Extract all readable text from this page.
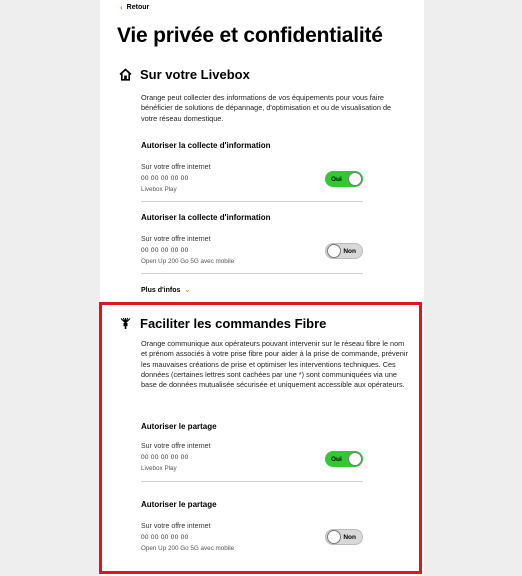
‹ Retour
Vie privée et confidentialité
Sur votre Livebox
Orange peut collecter des informations de vos équipements pour vous faire bénéficier de solutions de dépannage, d'optimisation et ou de visualisation de votre réseau domestique.
Autoriser la collecte d'information
Sur votre offre internet
00 00 00 00 00
Livebox Play
Oui
Autoriser la collecte d'information
Sur votre offre internet
00 00 00 00 00
Open Up 200 Go 5G avec mobile
Non
Plus d'infos ⌄
Faciliter les commandes Fibre
Orange communique aux opérateurs pouvant intervenir sur le réseau fibre le nom et prénom associés à votre prise fibre pour aider à la prise de commande, prévenir les mauvaises créations de prise et optimiser les interventions techniques. Ces données (certaines lettres sont cachées par une *) sont communiquées via une base de données mutualisée sécurisée et uniquement accessible aux opérateurs.
Autoriser le partage
Sur votre offre internet
00 00 00 00 00
Livebox Play
Oui
Autoriser le partage
Sur votre offre internet
00 00 00 00 00
Open Up 200 Go 5G avec mobile
Non
